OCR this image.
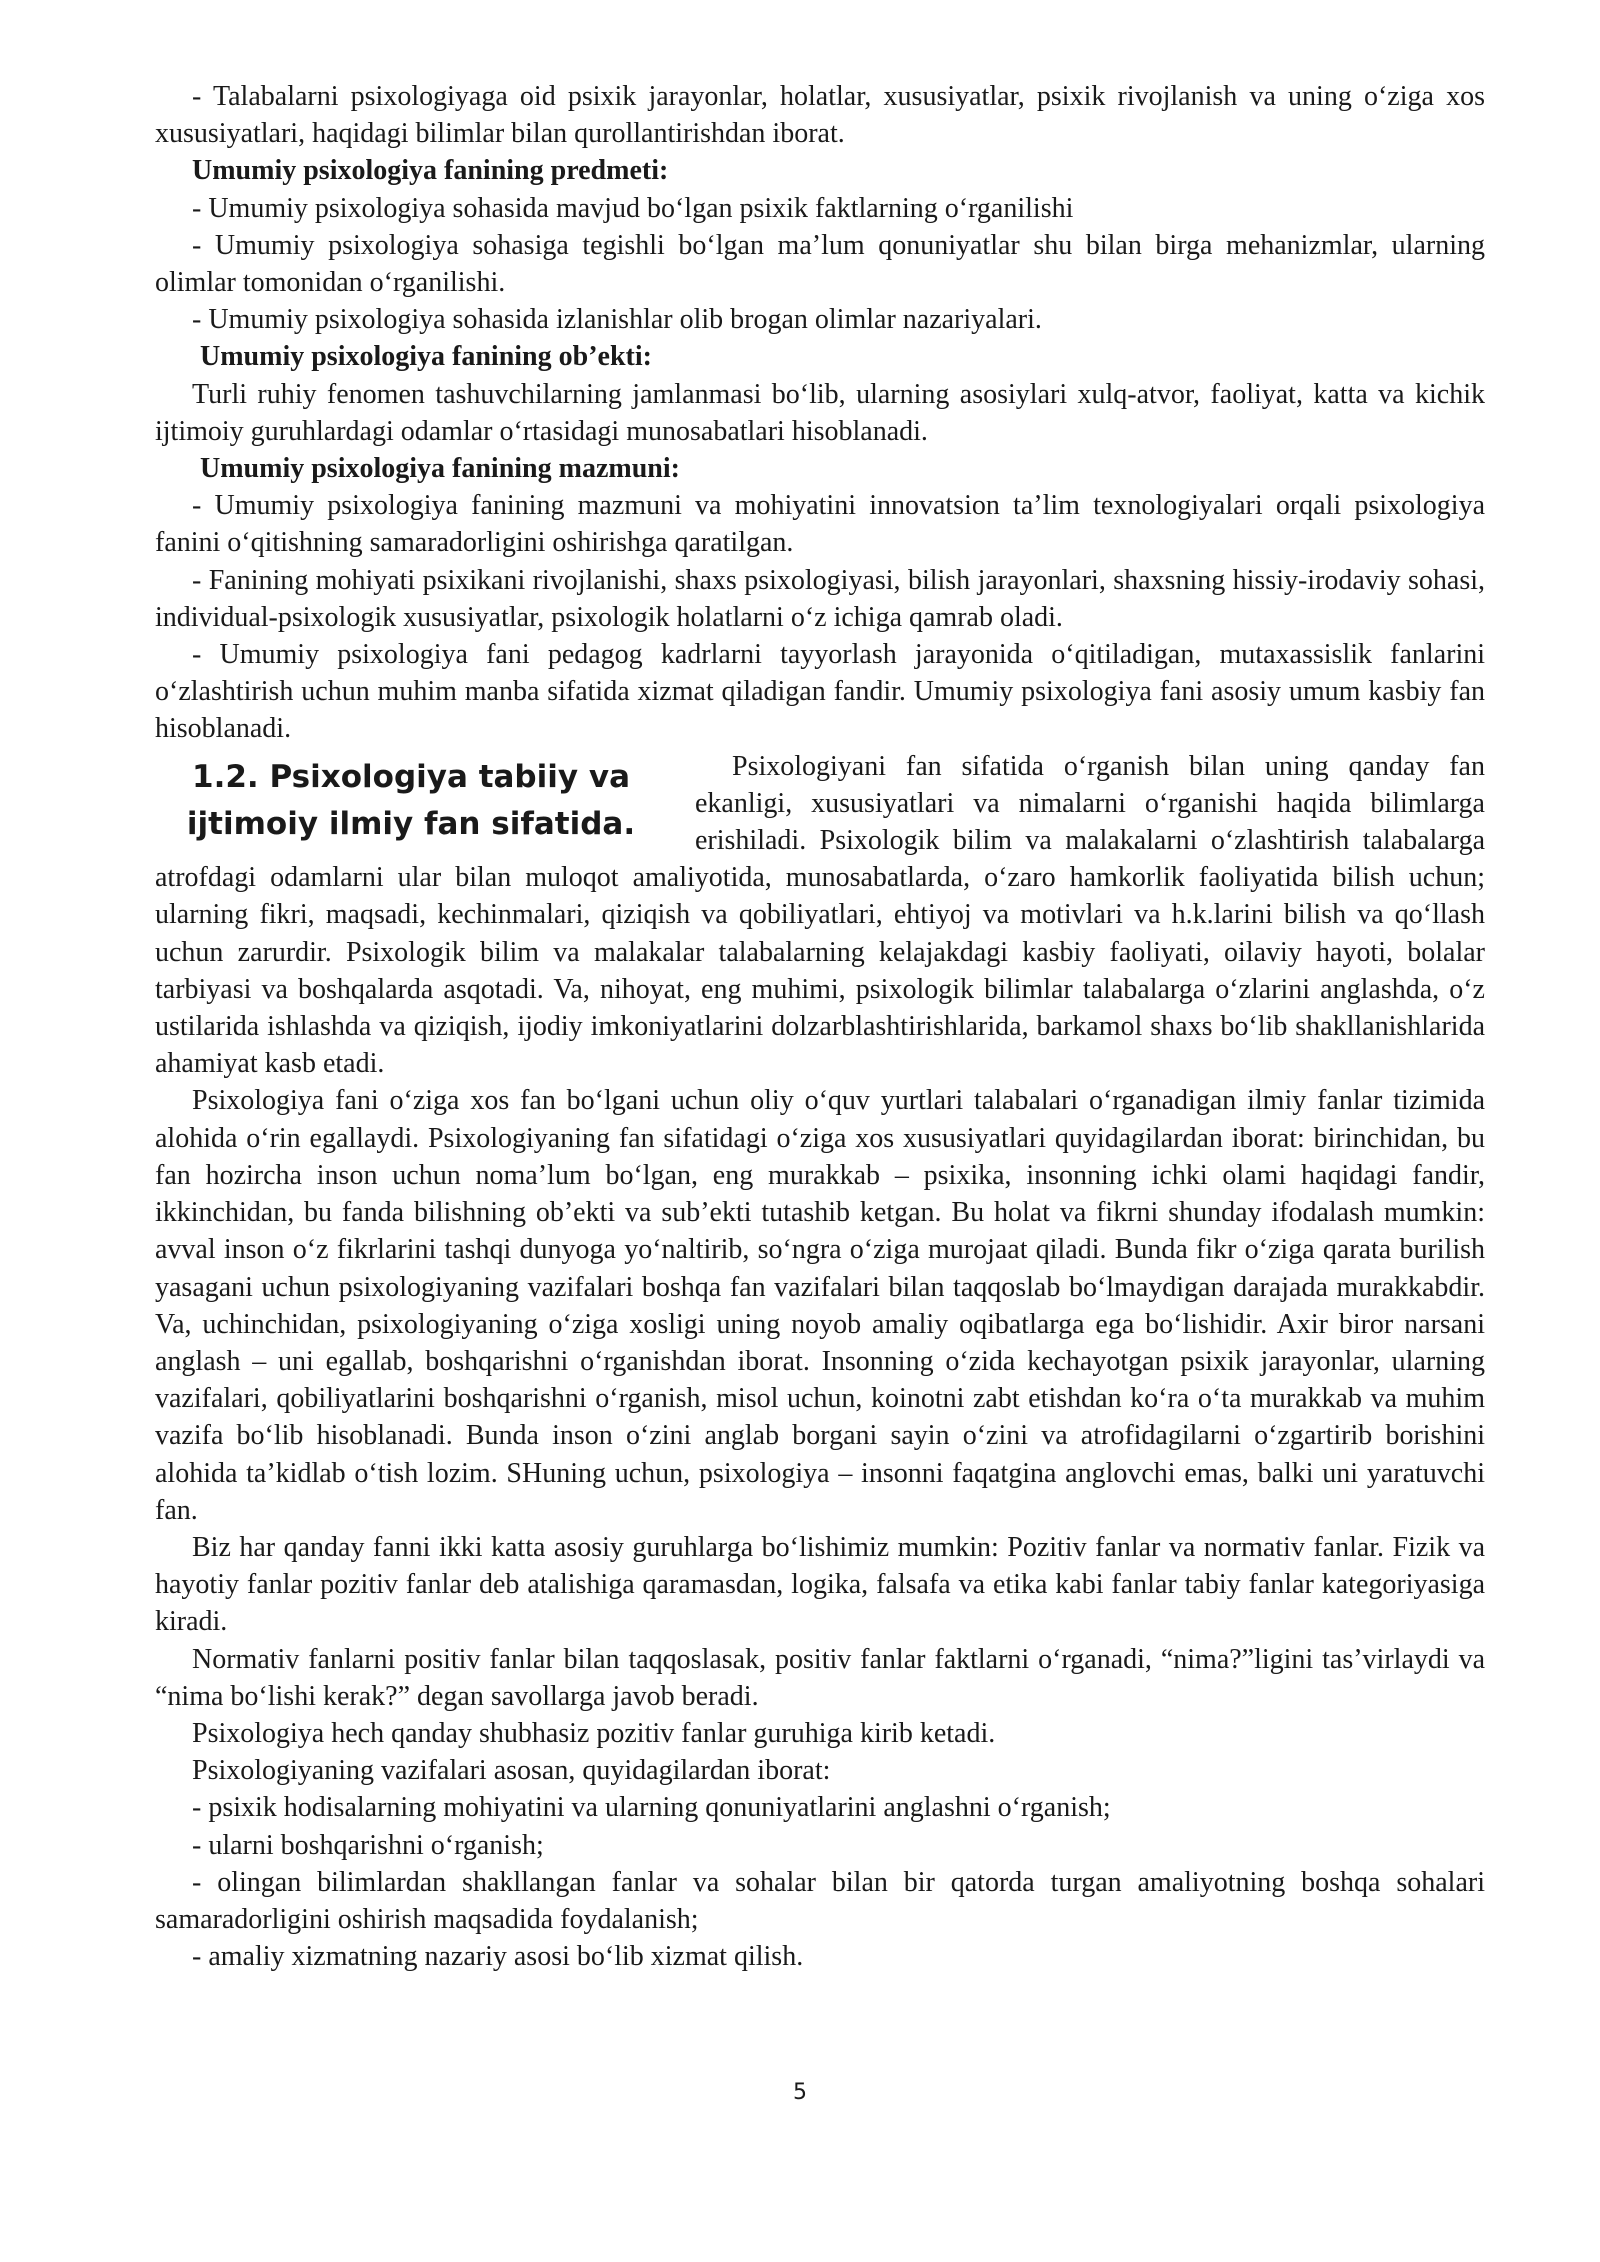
- Talabalarni psixologiyaga oid psixik jarayonlar, holatlar, xususiyatlar, psixik rivojlanish va uning o‘ziga xos xususiyatlari, haqidagi bilimlar bilan qurollantirishdan iborat.

Umumiy psixologiya fanining predmeti:

- Umumiy psixologiya sohasida mavjud bo‘lgan psixik faktlarning o‘rganilishi

- Umumiy psixologiya sohasiga tegishli bo‘lgan ma’lum qonuniyatlar shu bilan birga mehanizmlar, ularning olimlar tomonidan o‘rganilishi.

- Umumiy psixologiya sohasida izlanishlar olib brogan olimlar nazariyalari.

Umumiy psixologiya fanining ob’ekti:

Turli ruhiy fenomen tashuvchilarning jamlanmasi bo‘lib, ularning asosiylari xulq-atvor, faoliyat, katta va kichik ijtimoiy guruhlardagi odamlar o‘rtasidagi munosabatlari hisoblanadi.

Umumiy psixologiya fanining mazmuni:

- Umumiy psixologiya fanining mazmuni va mohiyatini innovatsion ta’lim texnologiyalari orqali psixologiya fanini o‘qitishning samaradorligini oshirishga qaratilgan.

- Fanining mohiyati psixikani rivojlanishi, shaxs psixologiyasi, bilish jarayonlari, shaxsning hissiy-irodaviy sohasi, individual-psixologik xususiyatlar, psixologik holatlarni o‘z ichiga qamrab oladi.

- Umumiy psixologiya fani pedagog kadrlarni tayyorlash jarayonida o‘qitiladigan, mutaxassislik fanlarini o‘zlashtirish uchun muhim manba sifatida xizmat qiladigan fandir. Umumiy psixologiya fani asosiy umum kasbiy fan hisoblanadi.

1.2. Psixologiya tabiiy va ijtimoiy ilmiy fan sifatida.

Psixologiyani fan sifatida o‘rganish bilan uning qanday fan ekanligi, xususiyatlari va nimalarni o‘rganishi haqida bilimlarga erishiladi. Psixologik bilim va malakalarni o‘zlashtirish talabalarga atrofdagi odamlarni ular bilan muloqot amaliyotida, munosabatlarda, o‘zaro hamkorlik faoliyatida bilish uchun; ularning fikri, maqsadi, kechinmalari, qiziqish va qobiliyatlari, ehtiyoj va motivlari va h.k.larini bilish va qo‘llash uchun zarurdir. Psixologik bilim va malakalar talabalarning kelajakdagi kasbiy faoliyati, oilaviy hayoti, bolalar tarbiyasi va boshqalarda asqotadi. Va, nihoyat, eng muhimi, psixologik bilimlar talabalarga o‘zlarini anglashda, o‘z ustilarida ishlashda va qiziqish, ijodiy imkoniyatlarini dolzarblashtirishlarida, barkamol shaxs bo‘lib shakllanishlarida ahamiyat kasb etadi.

Psixologiya fani o‘ziga xos fan bo‘lgani uchun oliy o‘quv yurtlari talabalari o‘rganadigan ilmiy fanlar tizimida alohida o‘rin egallaydi. Psixologiyaning fan sifatidagi o‘ziga xos xususiyatlari quyidagilardan iborat: birinchidan, bu fan hozircha inson uchun noma’lum bo‘lgan, eng murakkab – psixika, insonning ichki olami haqidagi fandir, ikkinchidan, bu fanda bilishning ob’ekti va sub’ekti tutashib ketgan. Bu holat va fikrni shunday ifodalash mumkin: avval inson o‘z fikrlarini tashqi dunyoga yo‘naltirib, so‘ngra o‘ziga murojaat qiladi. Bunda fikr o‘ziga qarata burilish yasagani uchun psixologiyaning vazifalari boshqa fan vazifalari bilan taqqoslab bo‘lmaydigan darajada murakkabdir. Va, uchinchidan, psixologiyaning o‘ziga xosligi uning noyob amaliy oqibatlarga ega bo‘lishidir. Axir biror narsani anglash – uni egallab, boshqarishni o‘rganishdan iborat. Insonning o‘zida kechayotgan psixik jarayonlar, ularning vazifalari, qobiliyatlarini boshqarishni o‘rganish, misol uchun, koinotni zabt etishdan ko‘ra o‘ta murakkab va muhim vazifa bo‘lib hisoblanadi. Bunda inson o‘zini anglab borgani sayin o‘zini va atrofidagilarni o‘zgartirib borishini alohida ta’kidlab o‘tish lozim. SHuning uchun, psixologiya – insonni faqatgina anglovchi emas, balki uni yaratuvchi fan.

Biz har qanday fanni ikki katta asosiy guruhlarga bo‘lishimiz mumkin: Pozitiv fanlar va normativ fanlar. Fizik va hayotiy fanlar pozitiv fanlar deb atalishiga qaramasdan, logika, falsafa va etika kabi fanlar tabiy fanlar kategoriyasiga kiradi.

Normativ fanlarni positiv fanlar bilan taqqoslasak, positiv fanlar faktlarni o‘rganadi, “nima?”ligini tas’virlaydi va “nima bo‘lishi kerak?” degan savollarga javob beradi.

Psixologiya hech qanday shubhasiz pozitiv fanlar guruhiga kirib ketadi.

Psixologiyaning vazifalari asosan, quyidagilardan iborat:

- psixik hodisalarning mohiyatini va ularning qonuniyatlarini anglashni o‘rganish;

- ularni boshqarishni o‘rganish;

- olingan bilimlardan shakllangan fanlar va sohalar bilan bir qatorda turgan amaliyotning boshqa sohalari samaradorligini oshirish maqsadida foydalanish;

- amaliy xizmatning nazariy asosi bo‘lib xizmat qilish.

5
